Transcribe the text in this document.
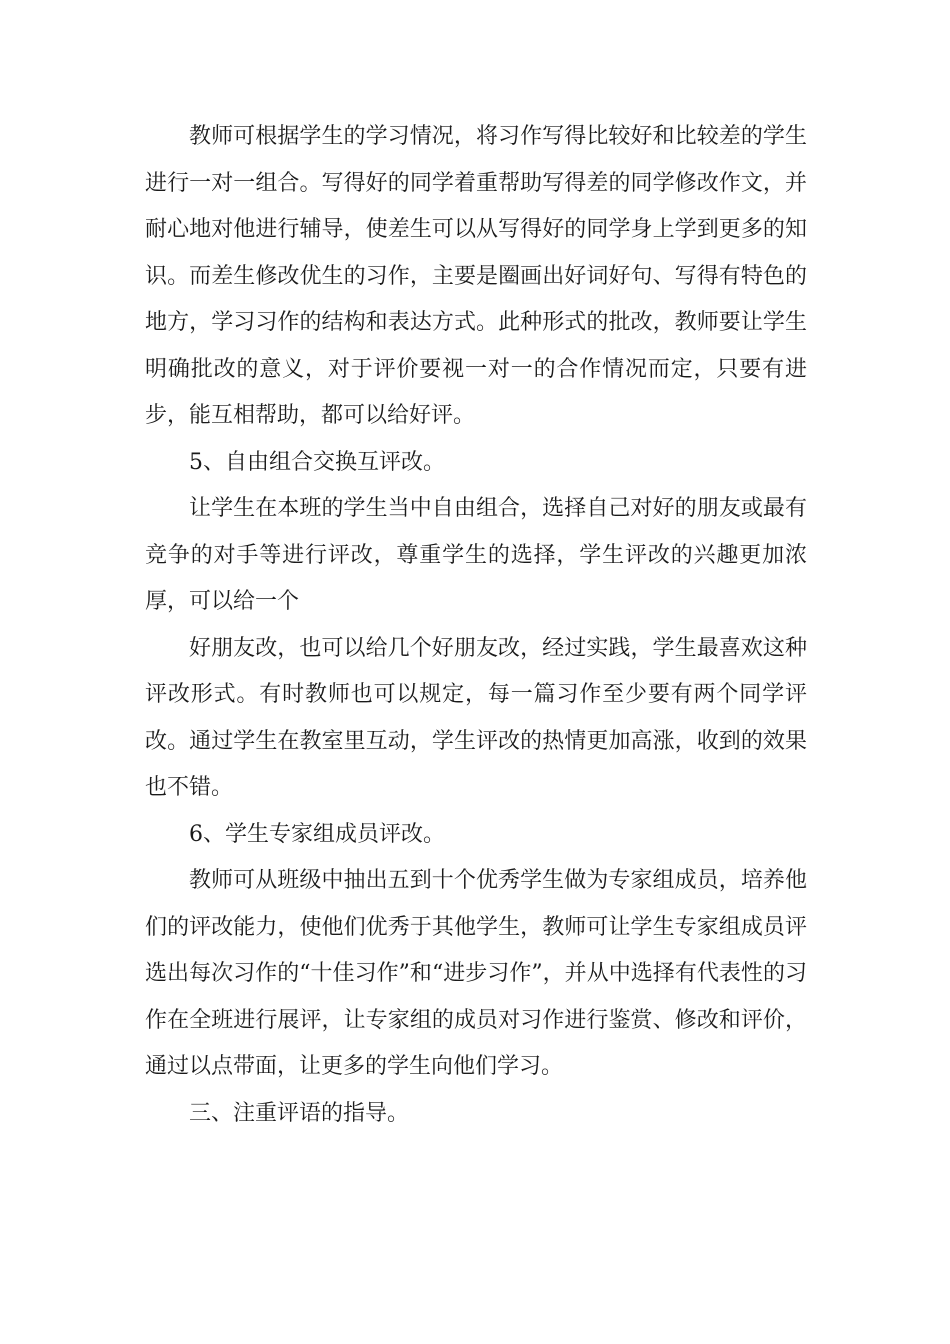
教师可根据学生的学习情况，将习作写得比较好和比较差的学生进行一对一组合。写得好的同学着重帮助写得差的同学修改作文，并耐心地对他进行辅导，使差生可以从写得好的同学身上学到更多的知识。而差生修改优生的习作，主要是圈画出好词好句、写得有特色的地方，学习习作的结构和表达方式。此种形式的批改，教师要让学生明确批改的意义，对于评价要视一对一的合作情况而定，只要有进步，能互相帮助，都可以给好评。

5、自由组合交换互评改。

让学生在本班的学生当中自由组合，选择自己对好的朋友或最有竞争的对手等进行评改，尊重学生的选择，学生评改的兴趣更加浓厚，可以给一个

好朋友改，也可以给几个好朋友改，经过实践，学生最喜欢这种评改形式。有时教师也可以规定，每一篇习作至少要有两个同学评改。通过学生在教室里互动，学生评改的热情更加高涨，收到的效果也不错。

6、学生专家组成员评改。

教师可从班级中抽出五到十个优秀学生做为专家组成员，培养他们的评改能力，使他们优秀于其他学生，教师可让学生专家组成员评选出每次习作的“十佳习作”和“进步习作”，并从中选择有代表性的习作在全班进行展评，让专家组的成员对习作进行鉴赏、修改和评价，通过以点带面，让更多的学生向他们学习。

三、注重评语的指导。
